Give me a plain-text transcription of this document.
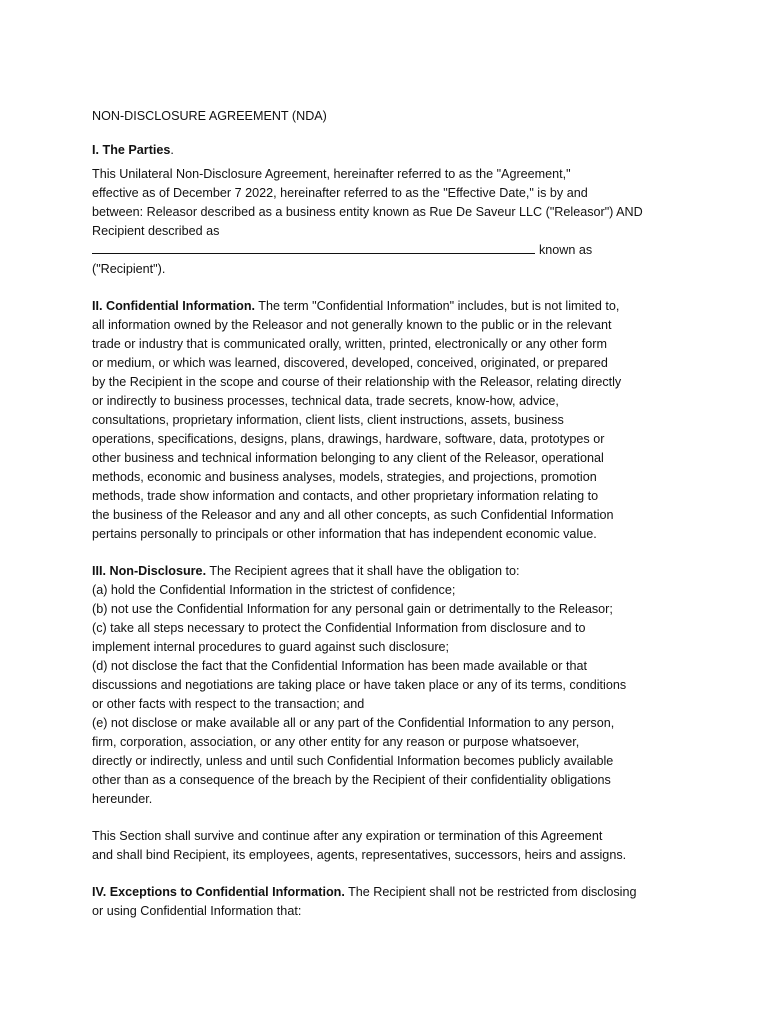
NON-DISCLOSURE AGREEMENT (NDA)
I. The Parties.
This Unilateral Non-Disclosure Agreement, hereinafter referred to as the "Agreement,"
effective as of December 7 2022, hereinafter referred to as the "Effective Date," is by and
between: Releasor described as a business entity known as Rue De Saveur LLC ("Releasor") AND
Recipient described as
known as
("Recipient").
II. Confidential Information. The term "Confidential Information" includes, but is not limited to,
all information owned by the Releasor and not generally known to the public or in the relevant
trade or industry that is communicated orally, written, printed, electronically or any other form
or medium, or which was learned, discovered, developed, conceived, originated, or prepared
by the Recipient in the scope and course of their relationship with the Releasor, relating directly
or indirectly to business processes, technical data, trade secrets, know-how, advice,
consultations, proprietary information, client lists, client instructions, assets, business
operations, specifications, designs, plans, drawings, hardware, software, data, prototypes or
other business and technical information belonging to any client of the Releasor, operational
methods, economic and business analyses, models, strategies, and projections, promotion
methods, trade show information and contacts, and other proprietary information relating to
the business of the Releasor and any and all other concepts, as such Confidential Information
pertains personally to principals or other information that has independent economic value.
III. Non-Disclosure. The Recipient agrees that it shall have the obligation to:
(a) hold the Confidential Information in the strictest of confidence;
(b) not use the Confidential Information for any personal gain or detrimentally to the Releasor;
(c) take all steps necessary to protect the Confidential Information from disclosure and to
implement internal procedures to guard against such disclosure;
(d) not disclose the fact that the Confidential Information has been made available or that
discussions and negotiations are taking place or have taken place or any of its terms, conditions
or other facts with respect to the transaction; and
(e) not disclose or make available all or any part of the Confidential Information to any person,
firm, corporation, association, or any other entity for any reason or purpose whatsoever,
directly or indirectly, unless and until such Confidential Information becomes publicly available
other than as a consequence of the breach by the Recipient of their confidentiality obligations
hereunder.
This Section shall survive and continue after any expiration or termination of this Agreement
and shall bind Recipient, its employees, agents, representatives, successors, heirs and assigns.
IV. Exceptions to Confidential Information. The Recipient shall not be restricted from disclosing
or using Confidential Information that:
